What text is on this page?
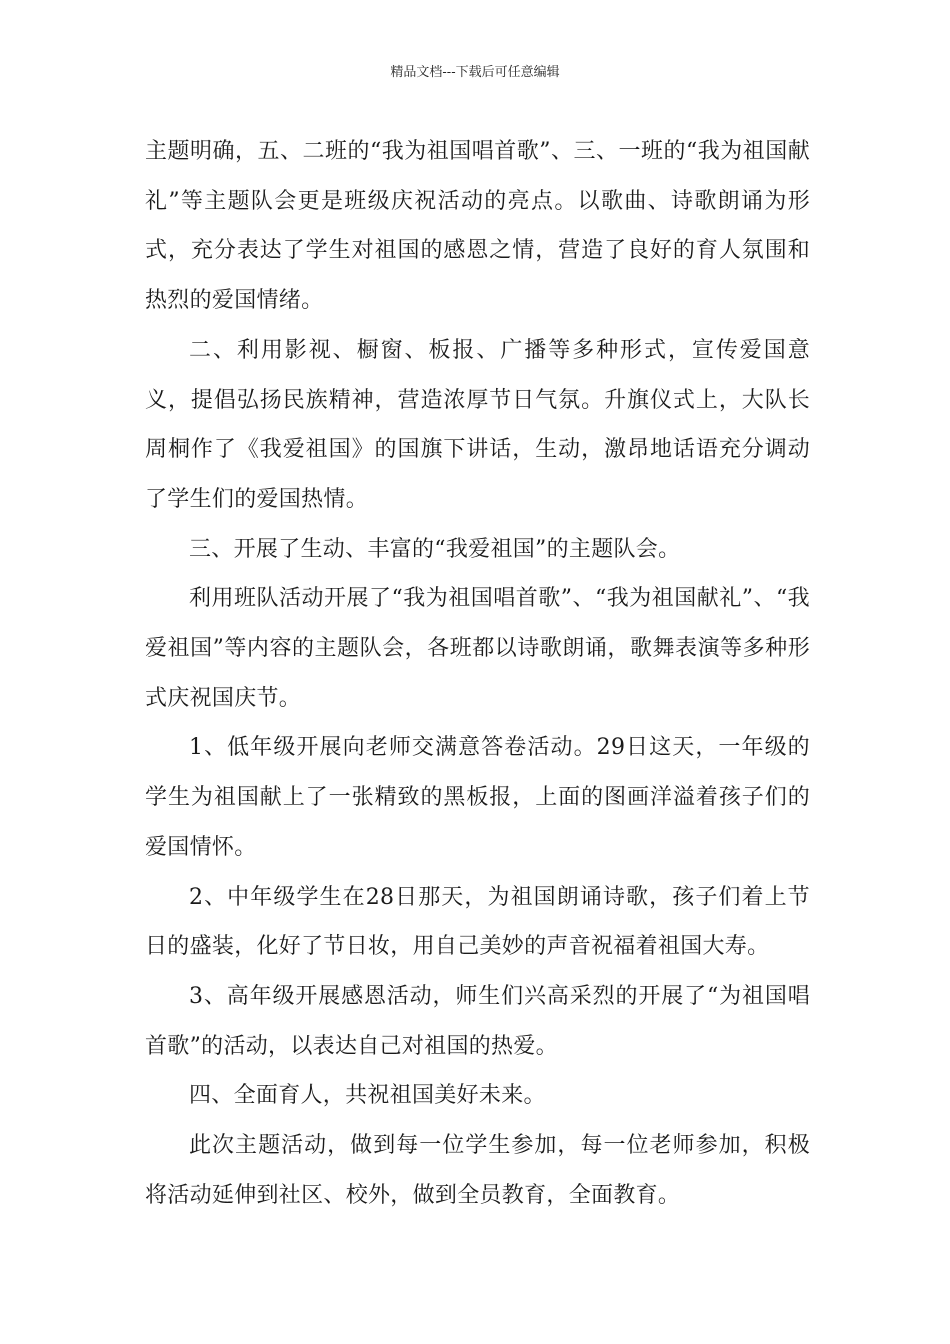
精品文档---下载后可任意编辑

主题明确，五、二班的“我为祖国唱首歌”、三、一班的“我为祖国献礼”等主题队会更是班级庆祝活动的亮点。以歌曲、诗歌朗诵为形式，充分表达了学生对祖国的感恩之情，营造了良好的育人氛围和热烈的爱国情绪。

二、利用影视、橱窗、板报、广播等多种形式，宣传爱国意义，提倡弘扬民族精神，营造浓厚节日气氛。升旗仪式上，大队长周桐作了《我爱祖国》的国旗下讲话，生动，激昂地话语充分调动了学生们的爱国热情。

三、开展了生动、丰富的“我爱祖国”的主题队会。

利用班队活动开展了“我为祖国唱首歌”、“我为祖国献礼”、“我爱祖国”等内容的主题队会，各班都以诗歌朗诵，歌舞表演等多种形式庆祝国庆节。

1、低年级开展向老师交满意答卷活动。29日这天，一年级的学生为祖国献上了一张精致的黑板报，上面的图画洋溢着孩子们的爱国情怀。

2、中年级学生在28日那天，为祖国朗诵诗歌，孩子们着上节日的盛装，化好了节日妆，用自己美妙的声音祝福着祖国大寿。

3、高年级开展感恩活动，师生们兴高采烈的开展了“为祖国唱首歌”的活动，以表达自己对祖国的热爱。

四、全面育人，共祝祖国美好未来。

此次主题活动，做到每一位学生参加，每一位老师参加，积极将活动延伸到社区、校外，做到全员教育，全面教育。
